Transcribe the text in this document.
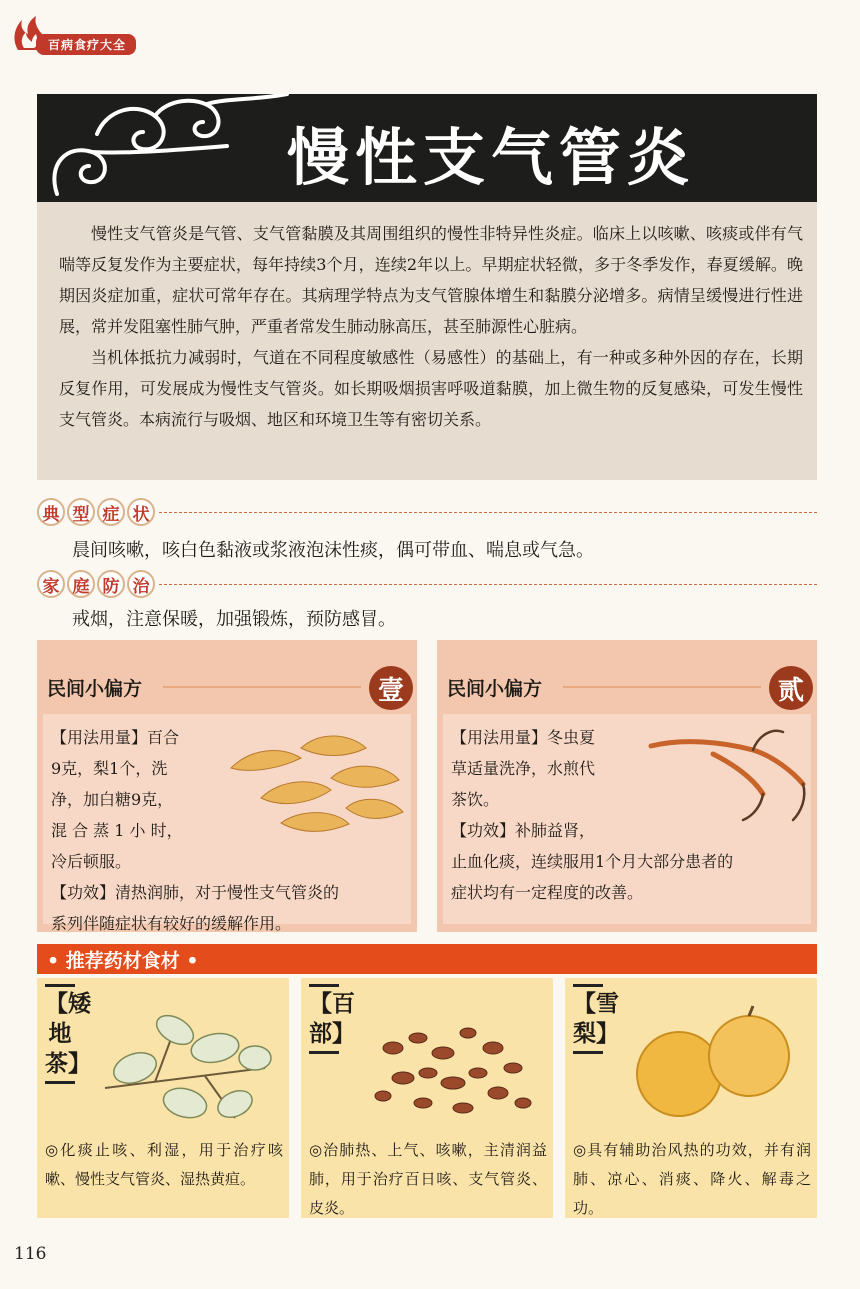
百病食疗大全
慢性支气管炎

慢性支气管炎是气管、支气管黏膜及其周围组织的慢性非特异性炎症。临床上以咳嗽、咳痰或伴有气喘等反复发作为主要症状，每年持续3个月，连续2年以上。早期症状轻微，多于冬季发作，春夏缓解。晚期因炎症加重，症状可常年存在。其病理学特点为支气管腺体增生和黏膜分泌增多。病情呈缓慢进行性进展，常并发阻塞性肺气肿，严重者常发生肺动脉高压，甚至肺源性心脏病。

当机体抵抗力减弱时，气道在不同程度敏感性（易感性）的基础上，有一种或多种外因的存在，长期反复作用，可发展成为慢性支气管炎。如长期吸烟损害呼吸道黏膜，加上微生物的反复感染，可发生慢性支气管炎。本病流行与吸烟、地区和环境卫生等有密切关系。

典 型 症 状
晨间咳嗽，咳白色黏液或浆液泡沫性痰，偶可带血、喘息或气急。
家 庭 防 治
戒烟，注意保暖，加强锻炼，预防感冒。
民间小偏方	壹
【用法用量】百合
9克，梨1个，洗
净，加白糖9克，
混 合 蒸 1 小 时，
冷后顿服。
【功效】清热润肺，对于慢性支气管炎的
系列伴随症状有较好的缓解作用。
民间小偏方	贰
【用法用量】冬虫夏
草适量洗净，水煎代
茶饮。
【功效】补肺益肾，
止血化痰，连续服用1个月大部分患者的
症状均有一定程度的改善。
• 推荐药材食材 •
【矮地茶】
◎化痰止咳、利湿，用于治疗咳嗽、慢性支气管炎、湿热黄疸。
【百部】
◎治肺热、上气、咳嗽，主清润益肺，用于治疗百日咳、支气管炎、皮炎。
【雪梨】
◎具有辅助治风热的功效，并有润肺、凉心、消痰、降火、解毒之功。
116
